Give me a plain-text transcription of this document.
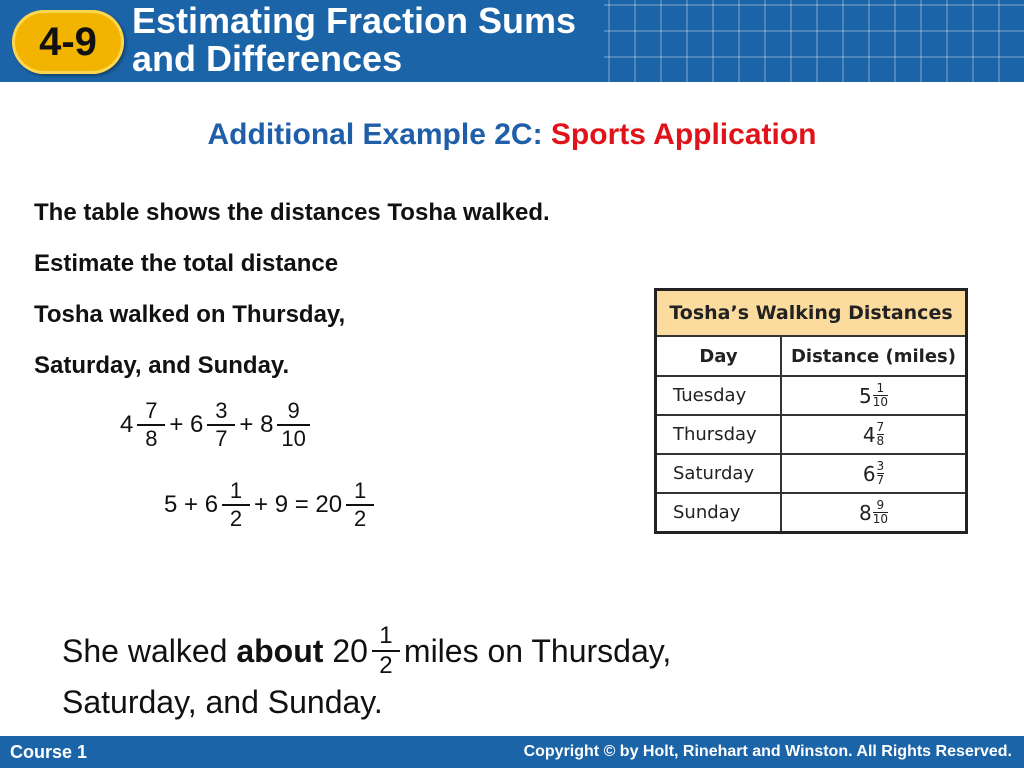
4-9 Estimating Fraction Sums
and Differences
Additional Example 2C: Sports Application
The table shows the distances Tosha walked.
Estimate the total distance
Tosha walked on Thursday,
Saturday, and Sunday.
$4 \frac{7}{8} + 6 \frac{3}{7} + 8 \frac{9}{10}$
$5 + 6 \frac{1}{2} + 9 = 20 \frac{1}{2}$
She walked about $20 \frac{1}{2}$ miles on Thursday,
Saturday, and Sunday.
Tosha’s Walking Distances	
Day	Distance (miles)
Tuesday	5 1
10

Thursday	4 7
8

Saturday	6 3
7

Sunday	8 9
10
Course 1	Copyright © by Holt, Rinehart and Winston. All Rights Reserved.
